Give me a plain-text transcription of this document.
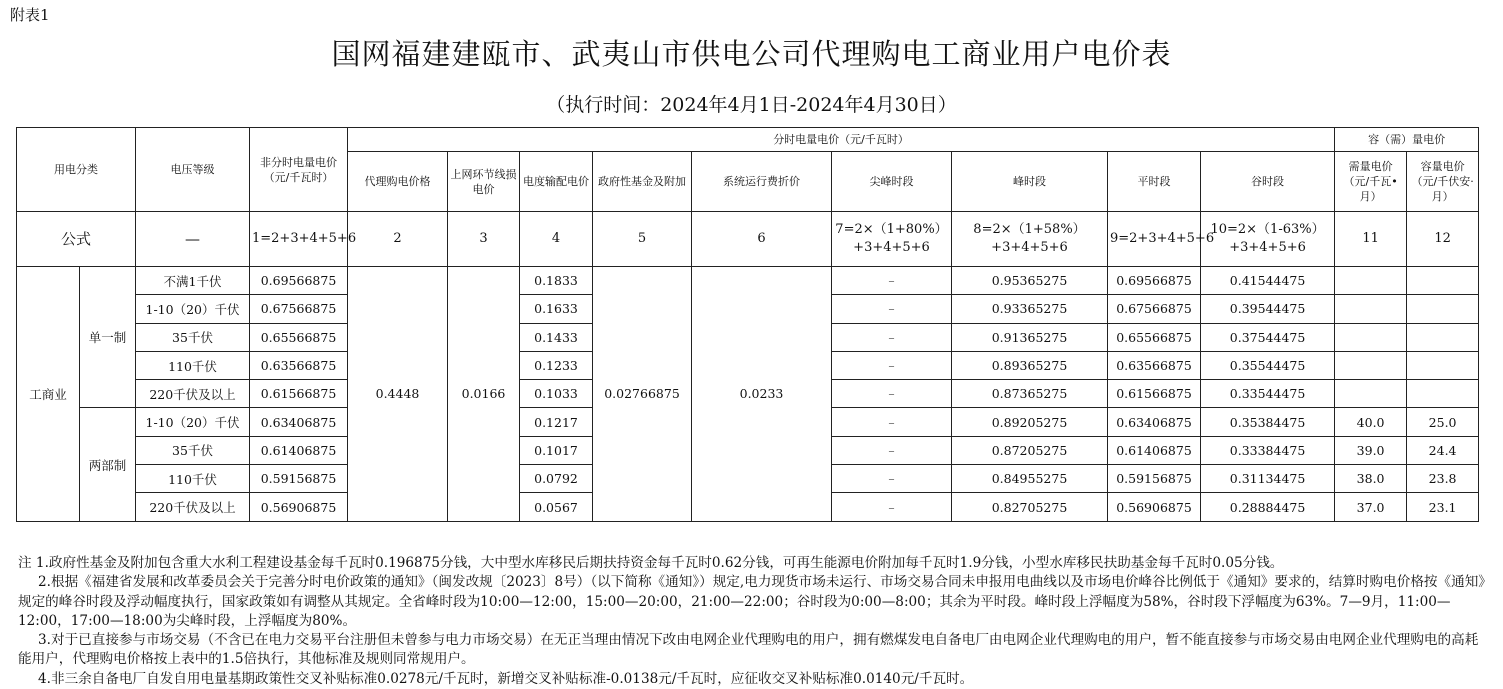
附表1
国网福建建瓯市、武夷山市供电公司代理购电工商业用户电价表
（执行时间：2024年4月1日-2024年4月30日）
用电分类		电压等级	非分时电量电价（元/千瓦时）	分时电量电价（元/千瓦时）									容（需）量电价	
				代理购电价格	上网环节线损电价	电度输配电价	政府性基金及附加	系统运行费折价	尖峰时段	峰时段	平时段	谷时段	需量电价（元/千瓦•月）	容量电价（元/千伏安·月）
公式		—	1=2+3+4+5+6	2	3	4	5	6	7=2×（1+80%）+3+4+5+6	8=2×（1+58%）+3+4+5+6	9=2+3+4+5+6	10=2×（1-63%）+3+4+5+6	11	12
工商业	单一制	不满1千伏	0.69566875	0.4448	0.0166	0.1833	0.02766875	0.0233	–	0.95365275	0.69566875	0.41544475		
		1-10（20）千伏	0.67566875			0.1633			–	0.93365275	0.67566875	0.39544475		
		35千伏	0.65566875			0.1433			–	0.91365275	0.65566875	0.37544475		
		110千伏	0.63566875			0.1233			–	0.89365275	0.63566875	0.35544475		
		220千伏及以上	0.61566875			0.1033			–	0.87365275	0.61566875	0.33544475		
	两部制	1-10（20）千伏	0.63406875			0.1217			–	0.89205275	0.63406875	0.35384475	40.0	25.0
		35千伏	0.61406875			0.1017			–	0.87205275	0.61406875	0.33384475	39.0	24.4
		110千伏	0.59156875			0.0792			–	0.84955275	0.59156875	0.31134475	38.0	23.8
		220千伏及以上	0.56906875			0.0567			–	0.82705275	0.56906875	0.28884475	37.0	23.1

注 1.政府性基金及附加包含重大水利工程建设基金每千瓦时0.196875分钱，大中型水库移民后期扶持资金每千瓦时0.62分钱，可再生能源电价附加每千瓦时1.9分钱，小型水库移民扶助基金每千瓦时0.05分钱。

2.根据《福建省发展和改革委员会关于完善分时电价政策的通知》（闽发改规〔2023〕8号）（以下简称《通知》）规定,电力现货市场未运行、市场交易合同未申报用电曲线以及市场电价峰谷比例低于《通知》要求的，结算时购电价格按《通知》规定的峰谷时段及浮动幅度执行，国家政策如有调整从其规定。全省峰时段为10:00—12:00，15:00—20:00，21:00—22:00；谷时段为0:00—8:00；其余为平时段。峰时段上浮幅度为58%，谷时段下浮幅度为63%。7—9月，11:00—12:00，17:00—18:00为尖峰时段，上浮幅度为80%。

3.对于已直接参与市场交易（不含已在电力交易平台注册但未曾参与电力市场交易）在无正当理由情况下改由电网企业代理购电的用户，拥有燃煤发电自备电厂由电网企业代理购电的用户，暂不能直接参与市场交易由电网企业代理购电的高耗能用户，代理购电价格按上表中的1.5倍执行，其他标准及规则同常规用户。

4.非三余自备电厂自发自用电量基期政策性交叉补贴标准0.0278元/千瓦时，新增交叉补贴标准-0.0138元/千瓦时，应征收交叉补贴标准0.0140元/千瓦时。
